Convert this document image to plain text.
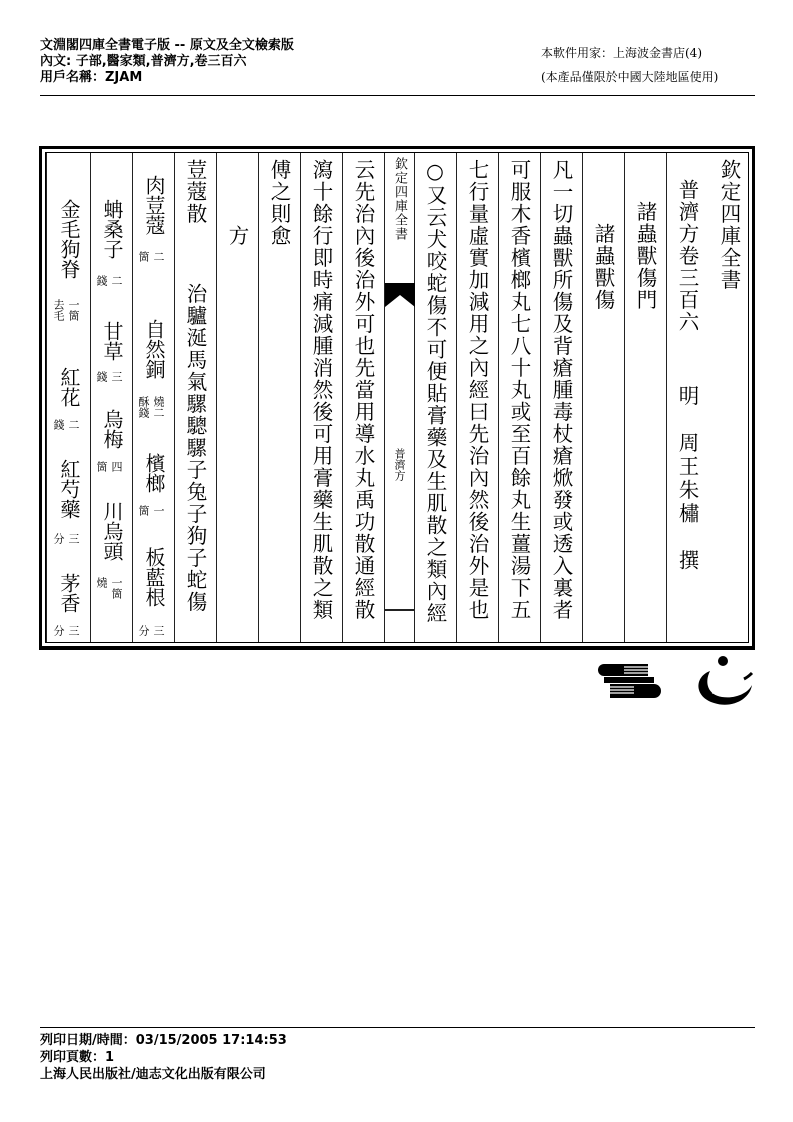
文淵閣四庫全書電子版 -- 原文及全文檢索版
內文: 子部,醫家類,普濟方,卷三百六
用戶名稱：ZJAM
本軟件用家：上海波金書店(4)
(本產品僅限於中國大陸地區使用)
欽定四庫全書
普濟方卷三百六
明　周王朱橚　撰
諸蟲獸傷門
諸蟲獸傷
凡一切蟲獸所傷及背瘡腫毒杖瘡焮發或透入裏者
可服木香檳榔丸七八十丸或至百餘丸生薑湯下五
七行量虛實加減用之內經曰先治內然後治外是也
○又云犬咬蛇傷不可便貼膏藥及生肌散之類內經
欽定四庫全書
普濟方
云先治內後治外可也先當用導水丸禹功散通經散
瀉十餘行即時痛減腫消然後可用膏藥生肌散之類
傅之則愈
方
荳蔻散
治驢涎馬氣騾驄騾子兔子狗子蛇傷
肉荳蔻
二
箇
自然銅
燒二
酥錢
檳榔
一
箇
板藍根
三
分
蚺桑子
二
錢
甘草
三
錢
烏梅
四
箇
川烏頭
一箇
燒
金毛狗脊
一箇
去毛
紅花
二
錢
紅芍藥
三
分
茅香
三
分
列印日期/時間：03/15/2005 17:14:53
列印頁數：1
上海人民出版社/迪志文化出版有限公司
